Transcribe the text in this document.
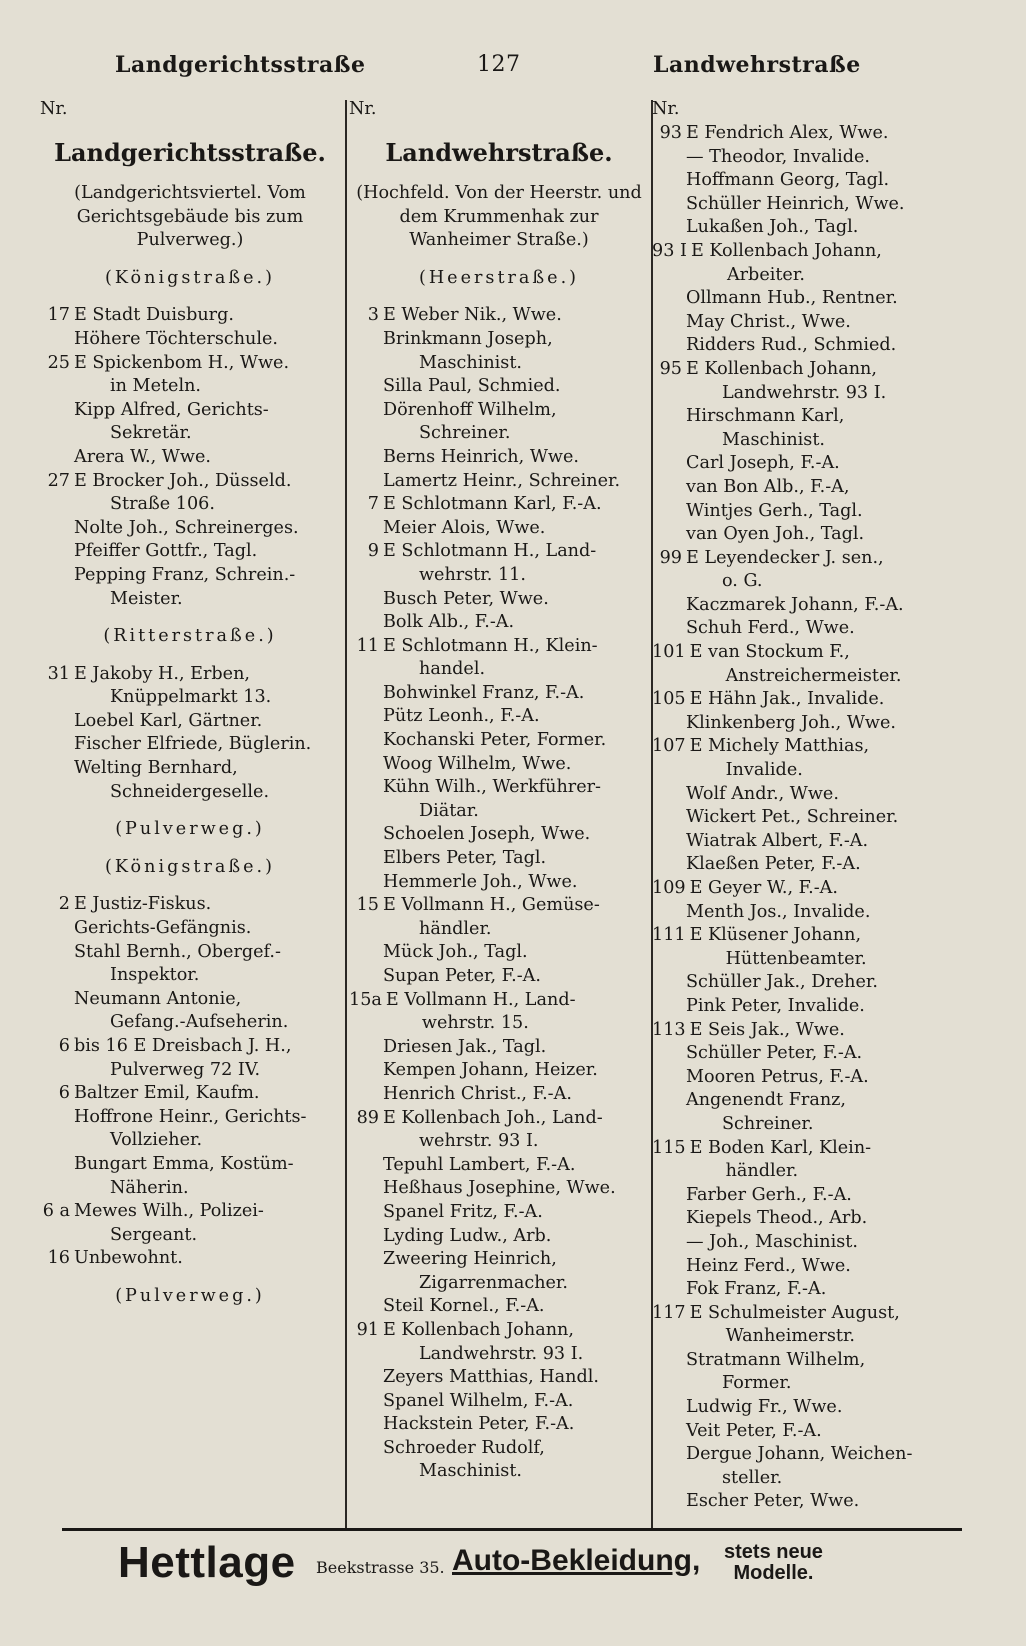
Landgerichtsstraße	127	Landwehrstraße
Nr.
Landgerichtsstraße.
(Landgerichtsviertel. Vom Gerichtsgebäude bis zum Pulverweg.)
(Königstraße.)
17 E Stadt Duisburg.
Höhere Töchterschule.
25 E Spickenbom H., Wwe.
in Meteln.
Kipp Alfred, Gerichts-
Sekretär.
Arera W., Wwe.
27 E Brocker Joh., Düsseld.
Straße 106.
Nolte Joh., Schreinerges.
Pfeiffer Gottfr., Tagl.
Pepping Franz, Schrein.-
Meister.
(Ritterstraße.)
31 E Jakoby H., Erben,
Knüppelmarkt 13.
Loebel Karl, Gärtner.
Fischer Elfriede, Büglerin.
Welting Bernhard,
Schneidergeselle.
(Pulverweg.)
(Königstraße.)
2 E Justiz-Fiskus.
Gerichts-Gefängnis.
Stahl Bernh., Obergef.-
Inspektor.
Neumann Antonie,
Gefang.-Aufseherin.
6 bis 16 E Dreisbach J. H.,
Pulverweg 72 IV.
6 Baltzer Emil, Kaufm.
Hoffrone Heinr., Gerichts-
Vollzieher.
Bungart Emma, Kostüm-
Näherin.
6 a Mewes Wilh., Polizei-
Sergeant.
16 Unbewohnt.
(Pulverweg.)
Nr.
Landwehrstraße.
(Hochfeld. Von der Heerstr. und dem Krummenhak zur Wanheimer Straße.)
(Heerstraße.)
3 E Weber Nik., Wwe.
Brinkmann Joseph,
Maschinist.
Silla Paul, Schmied.
Dörenhoff Wilhelm,
Schreiner.
Berns Heinrich, Wwe.
Lamertz Heinr., Schreiner.
7 E Schlotmann Karl, F.-A.
Meier Alois, Wwe.
9 E Schlotmann H., Land-
wehrstr. 11.
Busch Peter, Wwe.
Bolk Alb., F.-A.
11 E Schlotmann H., Klein-
handel.
Bohwinkel Franz, F.-A.
Pütz Leonh., F.-A.
Kochanski Peter, Former.
Woog Wilhelm, Wwe.
Kühn Wilh., Werkführer-
Diätar.
Schoelen Joseph, Wwe.
Elbers Peter, Tagl.
Hemmerle Joh., Wwe.
15 E Vollmann H., Gemüse-
händler.
Mück Joh., Tagl.
Supan Peter, F.-A.
15a E Vollmann H., Land-
wehrstr. 15.
Driesen Jak., Tagl.
Kempen Johann, Heizer.
Henrich Christ., F.-A.
89 E Kollenbach Joh., Land-
wehrstr. 93 I.
Tepuhl Lambert, F.-A.
Heßhaus Josephine, Wwe.
Spanel Fritz, F.-A.
Lyding Ludw., Arb.
Zweering Heinrich,
Zigarrenmacher.
Steil Kornel., F.-A.
91 E Kollenbach Johann,
Landwehrstr. 93 I.
Zeyers Matthias, Handl.
Spanel Wilhelm, F.-A.
Hackstein Peter, F.-A.
Schroeder Rudolf,
Maschinist.
Nr.
93 E Fendrich Alex, Wwe.
— Theodor, Invalide.
Hoffmann Georg, Tagl.
Schüller Heinrich, Wwe.
Lukaßen Joh., Tagl.
93 I E Kollenbach Johann,
Arbeiter.
Ollmann Hub., Rentner.
May Christ., Wwe.
Ridders Rud., Schmied.
95 E Kollenbach Johann,
Landwehrstr. 93 I.
Hirschmann Karl,
Maschinist.
Carl Joseph, F.-A.
van Bon Alb., F.-A,
Wintjes Gerh., Tagl.
van Oyen Joh., Tagl.
99 E Leyendecker J. sen.,
o. G.
Kaczmarek Johann, F.-A.
Schuh Ferd., Wwe.
101 E van Stockum F.,
Anstreichermeister.
105 E Hähn Jak., Invalide.
Klinkenberg Joh., Wwe.
107 E Michely Matthias,
Invalide.
Wolf Andr., Wwe.
Wickert Pet., Schreiner.
Wiatrak Albert, F.-A.
Klaeßen Peter, F.-A.
109 E Geyer W., F.-A.
Menth Jos., Invalide.
111 E Klüsener Johann,
Hüttenbeamter.
Schüller Jak., Dreher.
Pink Peter, Invalide.
113 E Seis Jak., Wwe.
Schüller Peter, F.-A.
Mooren Petrus, F.-A.
Angenendt Franz,
Schreiner.
115 E Boden Karl, Klein-
händler.
Farber Gerh., F.-A.
Kiepels Theod., Arb.
— Joh., Maschinist.
Heinz Ferd., Wwe.
Fok Franz, F.-A.
117 E Schulmeister August,
Wanheimerstr.
Stratmann Wilhelm,
Former.
Ludwig Fr., Wwe.
Veit Peter, F.-A.
Dergue Johann, Weichen-
steller.
Escher Peter, Wwe.
Hettlage Beekstrasse 35. Auto-Bekleidung, stets neue
Modelle.
